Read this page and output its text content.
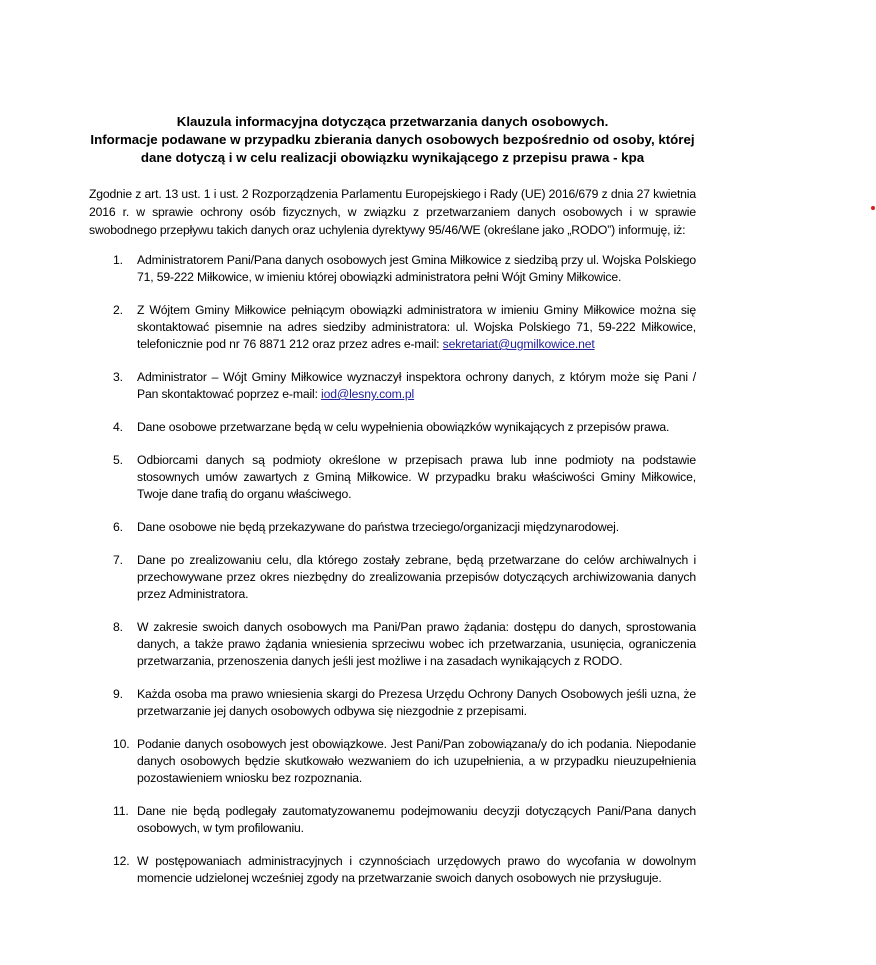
Klauzula informacyjna dotycząca przetwarzania danych osobowych.
Informacje podawane w przypadku zbierania danych osobowych bezpośrednio od osoby, której
dane dotyczą i w celu realizacji obowiązku wynikającego z przepisu prawa - kpa

Zgodnie z art. 13 ust. 1 i ust. 2 Rozporządzenia Parlamentu Europejskiego i Rady (UE) 2016/679 z dnia 27 kwietnia 2016 r. w sprawie ochrony osób fizycznych, w związku z przetwarzaniem danych osobowych i w sprawie swobodnego przepływu takich danych oraz uchylenia dyrektywy 95/46/WE (określane jako „RODO”) informuję, iż:

1. Administratorem Pani/Pana danych osobowych jest Gmina Miłkowice z siedzibą przy ul. Wojska Polskiego 71, 59-222 Miłkowice, w imieniu której obowiązki administratora pełni Wójt Gminy Miłkowice.
2. Z Wójtem Gminy Miłkowice pełniącym obowiązki administratora w imieniu Gminy Miłkowice można się skontaktować pisemnie na adres siedziby administratora: ul. Wojska Polskiego 71, 59-222 Miłkowice, telefonicznie pod nr 76 8871 212 oraz przez adres e-mail: sekretariat@ugmilkowice.net
3. Administrator – Wójt Gminy Miłkowice wyznaczył inspektora ochrony danych, z którym może się Pani / Pan skontaktować poprzez e-mail: iod@lesny.com.pl
4. Dane osobowe przetwarzane będą w celu wypełnienia obowiązków wynikających z przepisów prawa.
5. Odbiorcami danych są podmioty określone w przepisach prawa lub inne podmioty na podstawie stosownych umów zawartych z Gminą Miłkowice. W przypadku braku właściwości Gminy Miłkowice, Twoje dane trafią do organu właściwego.
6. Dane osobowe nie będą przekazywane do państwa trzeciego/organizacji międzynarodowej.
7. Dane po zrealizowaniu celu, dla którego zostały zebrane, będą przetwarzane do celów archiwalnych i przechowywane przez okres niezbędny do zrealizowania przepisów dotyczących archiwizowania danych przez Administratora.
8. W zakresie swoich danych osobowych ma Pani/Pan prawo żądania: dostępu do danych, sprostowania danych, a także prawo żądania wniesienia sprzeciwu wobec ich przetwarzania, usunięcia, ograniczenia przetwarzania, przenoszenia danych jeśli jest możliwe i na zasadach wynikających z RODO.
9. Każda osoba ma prawo wniesienia skargi do Prezesa Urzędu Ochrony Danych Osobowych jeśli uzna, że przetwarzanie jej danych osobowych odbywa się niezgodnie z przepisami.
10. Podanie danych osobowych jest obowiązkowe. Jest Pani/Pan zobowiązana/y do ich podania. Niepodanie danych osobowych będzie skutkowało wezwaniem do ich uzupełnienia, a w przypadku nieuzupełnienia pozostawieniem wniosku bez rozpoznania.
11. Dane nie będą podlegały zautomatyzowanemu podejmowaniu decyzji dotyczących Pani/Pana danych osobowych, w tym profilowaniu.
12. W postępowaniach administracyjnych i czynnościach urzędowych prawo do wycofania w dowolnym momencie udzielonej wcześniej zgody na przetwarzanie swoich danych osobowych nie przysługuje.
